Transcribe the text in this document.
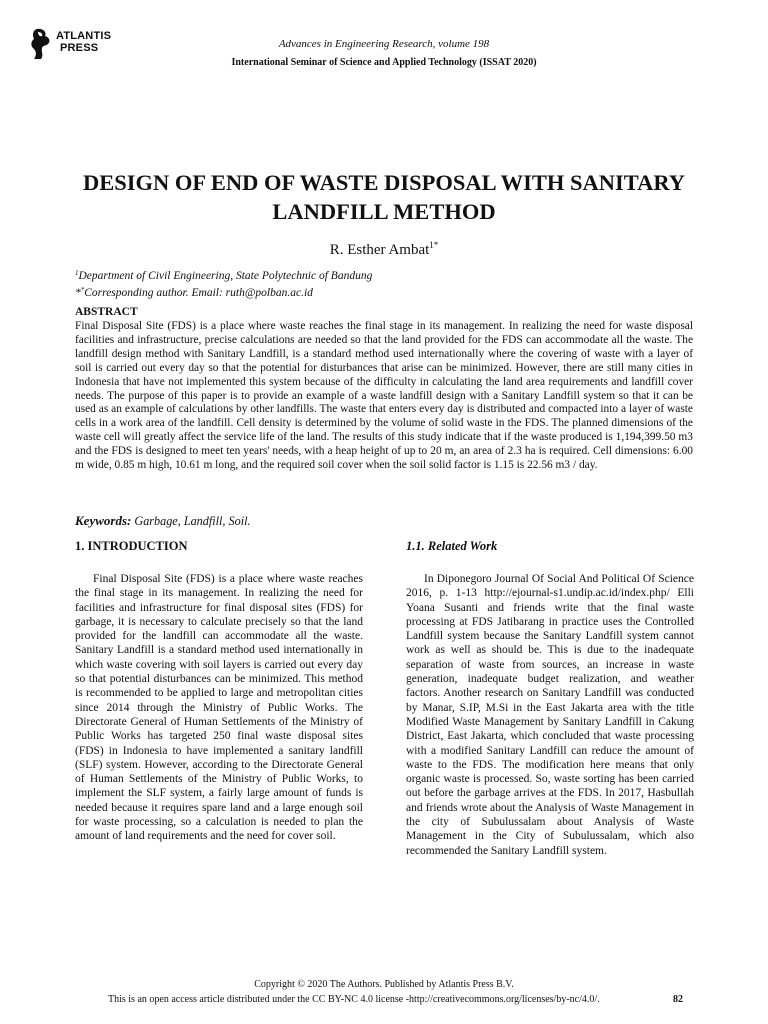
ATLANTIS
PRESS	Advances in Engineering Research, volume 198
International Seminar of Science and Applied Technology (ISSAT 2020)
DESIGN OF END OF WASTE DISPOSAL WITH SANITARY LANDFILL METHOD
R. Esther Ambat$^{1*}$
$^1$Department of Civil Engineering, State Polytechnic of Bandung
**Corresponding author. Email: ruth@polban.ac.id
ABSTRACT

Final Disposal Site (FDS) is a place where waste reaches the final stage in its management. In realizing the need for waste disposal facilities and infrastructure, precise calculations are needed so that the land provided for the FDS can accommodate all the waste. The landfill design method with Sanitary Landfill, is a standard method used internationally where the covering of waste with a layer of soil is carried out every day so that the potential for disturbances that arise can be minimized. However, there are still many cities in Indonesia that have not implemented this system because of the difficulty in calculating the land area requirements and landfill cover needs. The purpose of this paper is to provide an example of a waste landfill design with a Sanitary Landfill system so that it can be used as an example of calculations by other landfills. The waste that enters every day is distributed and compacted into a layer of waste cells in a work area of the landfill. Cell density is determined by the volume of solid waste in the FDS. The planned dimensions of the waste cell will greatly affect the service life of the land. The results of this study indicate that if the waste produced is 1,194,399.50 m3 and the FDS is designed to meet ten years' needs, with a heap height of up to 20 m, an area of 2.3 ha is required. Cell dimensions: 6.00 m wide, 0.85 m high, 10.61 m long, and the required soil cover when the soil solid factor is 1.15 is 22.56 m3 / day.

Keywords: Garbage, Landfill, Soil.
1. INTRODUCTION

Final Disposal Site (FDS) is a place where waste reaches the final stage in its management. In realizing the need for facilities and infrastructure for final disposal sites (FDS) for garbage, it is necessary to calculate precisely so that the land provided for the landfill can accommodate all the waste. Sanitary Landfill is a standard method used internationally in which waste covering with soil layers is carried out every day so that potential disturbances can be minimized. This method is recommended to be applied to large and metropolitan cities since 2014 through the Ministry of Public Works. The Directorate General of Human Settlements of the Ministry of Public Works has targeted 250 final waste disposal sites (FDS) in Indonesia to have implemented a sanitary landfill (SLF) system. However, according to the Directorate General of Human Settlements of the Ministry of Public Works, to implement the SLF system, a fairly large amount of funds is needed because it requires spare land and a large enough soil for waste processing, so a calculation is needed to plan the amount of land requirements and the need for cover soil.

1.1. Related Work

In Diponegoro Journal Of Social And Political Of Science 2016, p. 1-13 http://ejournal-s1.undip.ac.id/index.php/ Elli Yoana Susanti and friends write that the final waste processing at FDS Jatibarang in practice uses the Controlled Landfill system because the Sanitary Landfill system cannot work as well as should be. This is due to the inadequate separation of waste from sources, an increase in waste generation, inadequate budget realization, and weather factors. Another research on Sanitary Landfill was conducted by Manar, S.IP, M.Si in the East Jakarta area with the title Modified Waste Management by Sanitary Landfill in Cakung District, East Jakarta, which concluded that waste processing with a modified Sanitary Landfill can reduce the amount of waste to the FDS. The modification here means that only organic waste is processed. So, waste sorting has been carried out before the garbage arrives at the FDS. In 2017, Hasbullah and friends wrote about the Analysis of Waste Management in the city of Subulussalam about Analysis of Waste Management in the City of Subulussalam, which also recommended the Sanitary Landfill system.

Copyright © 2020 The Authors. Published by Atlantis Press B.V.
This is an open access article distributed under the CC BY-NC 4.0 license -http://creativecommons.org/licenses/by-nc/4.0/.	82
